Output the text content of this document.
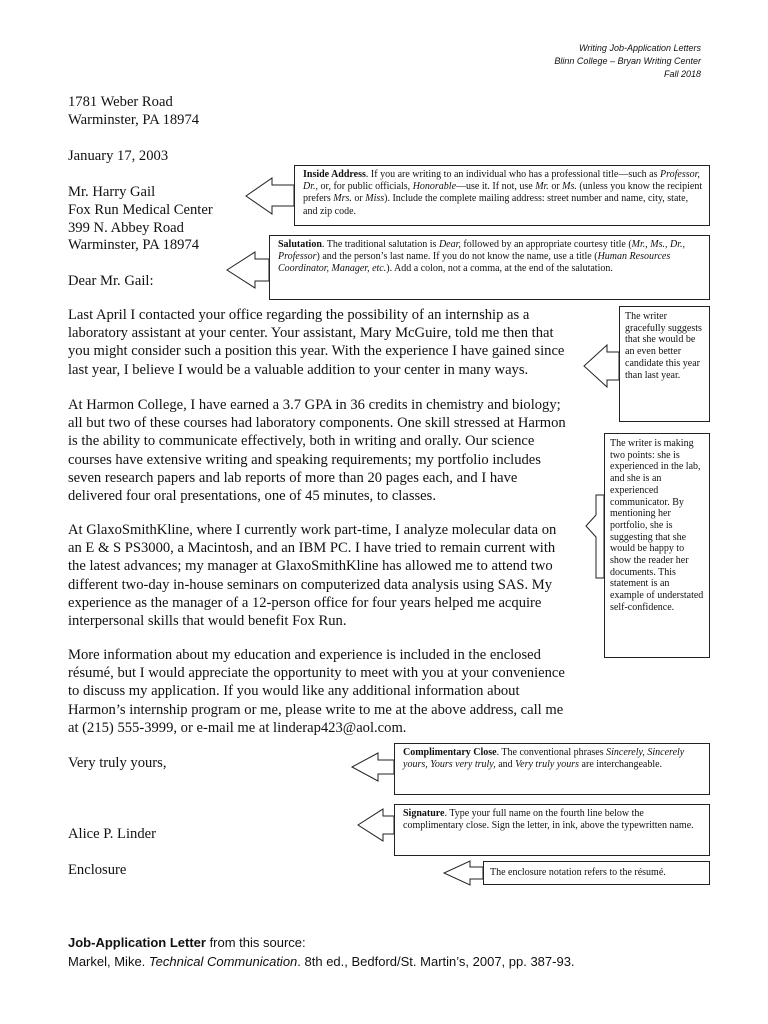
Writing Job-Application Letters
Blinn College – Bryan Writing Center
Fall 2018
1781 Weber Road
Warminster, PA 18974
January 17, 2003
Mr. Harry Gail
Fox Run Medical Center
399 N. Abbey Road
Warminster, PA 18974
Dear Mr. Gail:
Last April I contacted your office regarding the possibility of an internship as a
laboratory assistant at your center. Your assistant, Mary McGuire, told me then that
you might consider such a position this year. With the experience I have gained since
last year, I believe I would be a valuable addition to your center in many ways.
At Harmon College, I have earned a 3.7 GPA in 36 credits in chemistry and biology;
all but two of these courses had laboratory components. One skill stressed at Harmon
is the ability to communicate effectively, both in writing and orally. Our science
courses have extensive writing and speaking requirements; my portfolio includes
seven research papers and lab reports of more than 20 pages each, and I have
delivered four oral presentations, one of 45 minutes, to classes.
At GlaxoSmithKline, where I currently work part-time, I analyze molecular data on
an E & S PS3000, a Macintosh, and an IBM PC. I have tried to remain current with
the latest advances; my manager at GlaxoSmithKline has allowed me to attend two
different two-day in-house seminars on computerized data analysis using SAS. My
experience as the manager of a 12-person office for four years helped me acquire
interpersonal skills that would benefit Fox Run.
More information about my education and experience is included in the enclosed
résumé, but I would appreciate the opportunity to meet with you at your convenience
to discuss my application. If you would like any additional information about
Harmon’s internship program or me, please write to me at the above address, call me
at (215) 555-3999, or e-mail me at linderap423@aol.com.
Very truly yours,
Alice P. Linder
Enclosure
Inside Address. If you are writing to an individual who has a professional title—such as Professor, Dr., or, for public officials, Honorable—use it. If not, use Mr. or Ms. (unless you know the recipient prefers Mrs. or Miss). Include the complete mailing address: street number and name, city, state, and zip code.
Salutation. The traditional salutation is Dear, followed by an appropriate courtesy title (Mr., Ms., Dr., Professor) and the person’s last name. If you do not know the name, use a title (Human Resources Coordinator, Manager, etc.). Add a colon, not a comma, at the end of the salutation.
The writer gracefully suggests that she would be an even better candidate this year than last year.
The writer is making two points: she is experienced in the lab, and she is an experienced communicator. By mentioning her portfolio, she is suggesting that she would be happy to show the reader her documents. This statement is an example of understated self-confidence.
Complimentary Close. The conventional phrases Sincerely, Sincerely yours, Yours very truly, and Very truly yours are interchangeable.
Signature. Type your full name on the fourth line below the complimentary close. Sign the letter, in ink, above the typewritten name.
The enclosure notation refers to the résumé.
Job-Application Letter from this source:
Markel, Mike. Technical Communication. 8th ed., Bedford/St. Martin’s, 2007, pp. 387-93.
